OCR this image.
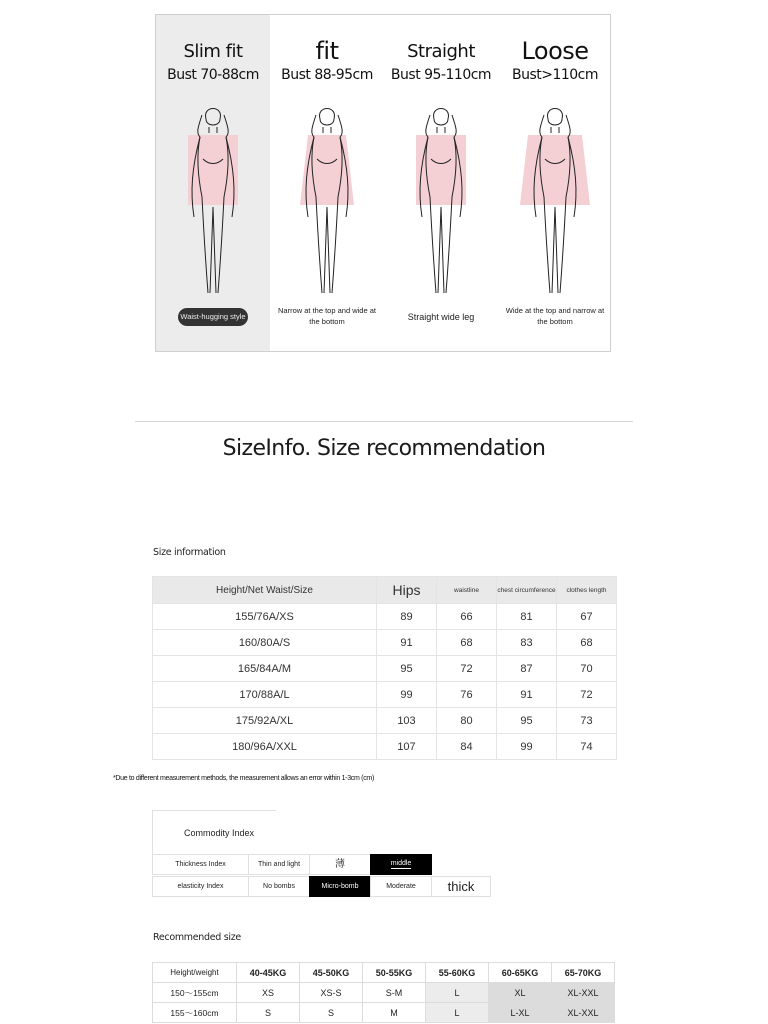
Slim fit
Bust 70-88cm
Waist-hugging style
fit
Bust 88-95cm
Narrow at the top and wide at the bottom
Straight
Bust 95-110cm
Straight wide leg
Loose
Bust>110cm
Wide at the top and narrow at the bottom
SizeInfo. Size recommendation
Size information
Height/Net Waist/Size	Hips	waistline	chest circumference	clothes length
155/76A/XS	89	66	81	67
160/80A/S	91	68	83	68
165/84A/M	95	72	87	70
170/88A/L	99	76	91	72
175/92A/XL	103	80	95	73
180/96A/XXL	107	84	99	74
*Due to different measurement methods, the measurement allows an error within 1-3cm (cm)
Commodity Index
Thickness Index	Thin and light	薄	middle
elasticity Index	No bombs	Micro-bomb	Moderate	thick
Recommended size
Height/weight	40-45KG	45-50KG	50-55KG	55-60KG	60-65KG	65-70KG
150～155cm	XS	XS-S	S-M	L	XL	XL-XXL
155～160cm	S	S	M	L	L-XL	XL-XXL
